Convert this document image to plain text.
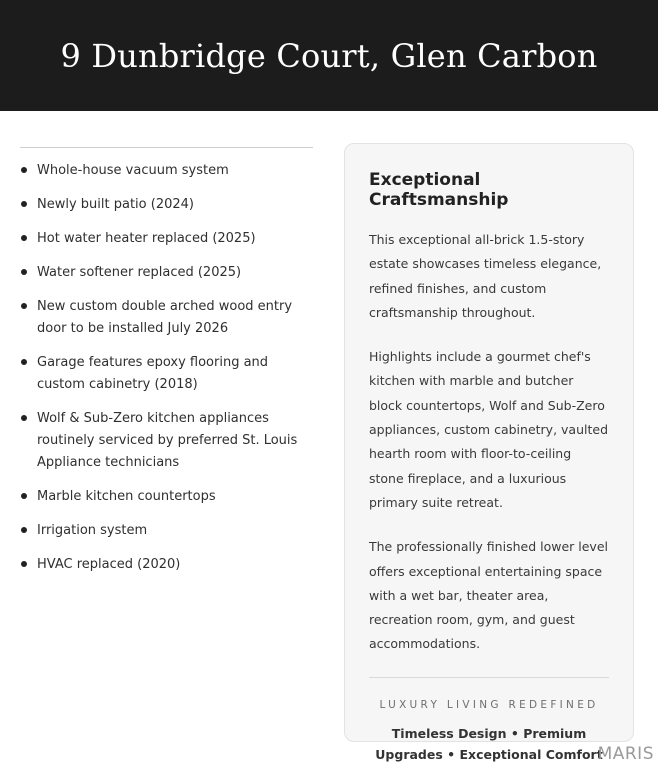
9 Dunbridge Court, Glen Carbon
Whole-house vacuum system
Newly built patio (2024)
Hot water heater replaced (2025)
Water softener replaced (2025)
New custom double arched wood entry door to be installed July 2026
Garage features epoxy flooring and custom cabinetry (2018)
Wolf & Sub-Zero kitchen appliances routinely serviced by preferred St. Louis Appliance technicians
Marble kitchen countertops
Irrigation system
HVAC replaced (2020)
Exceptional Craftsmanship

This exceptional all-brick 1.5-story estate showcases timeless elegance, refined finishes, and custom craftsmanship throughout.

Highlights include a gourmet chef's kitchen with marble and butcher block countertops, Wolf and Sub-Zero appliances, custom cabinetry, vaulted hearth room with floor-to-ceiling stone fireplace, and a luxurious primary suite retreat.

The professionally finished lower level offers exceptional entertaining space with a wet bar, theater area, recreation room, gym, and guest accommodations.

LUXURY LIVING REDEFINED
Timeless Design • Premium Upgrades • Exceptional Comfort
MARIS
